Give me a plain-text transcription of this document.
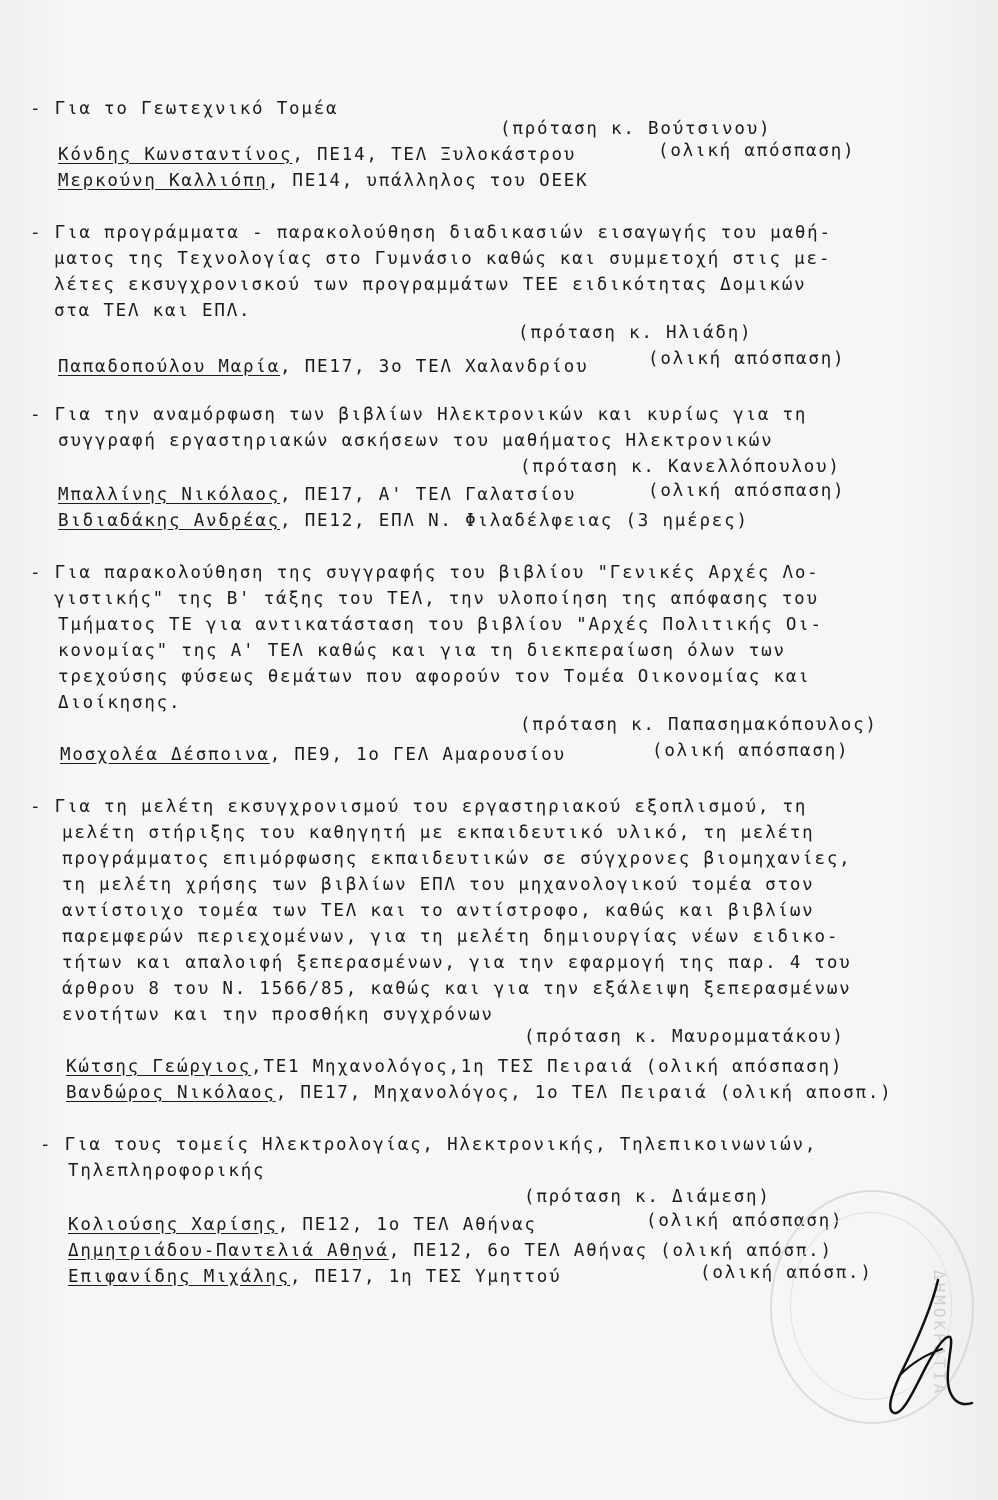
- Για το Γεωτεχνικό Τομέα
(πρόταση κ. Βούτσινου)
Κόνδης Κωνσταντίνος, ΠΕ14, ΤΕΛ Ξυλοκάστρου	(ολική απόσπαση)
Μερκούνη Καλλιόπη, ΠΕ14, υπάλληλος του ΟΕΕΚ
- Για προγράμματα - παρακολούθηση διαδικασιών εισαγωγής του μαθή-
ματος της Τεχνολογίας στο Γυμνάσιο καθώς και συμμετοχή στις με-
λέτες εκσυγχρονισκού των προγραμμάτων ΤΕΕ ειδικότητας Δομικών
στα ΤΕΛ και ΕΠΛ.
(πρόταση κ. Ηλιάδη)
Παπαδοπούλου Μαρία, ΠΕ17, 3ο ΤΕΛ Χαλανδρίου	(ολική απόσπαση)
- Για την αναμόρφωση των βιβλίων Ηλεκτρονικών και κυρίως για τη
συγγραφή εργαστηριακών ασκήσεων του μαθήματος Ηλεκτρονικών
(πρόταση κ. Κανελλόπουλου)
Μπαλλίνης Νικόλαος, ΠΕ17, Α' ΤΕΛ Γαλατσίου	(ολική απόσπαση)
Βιδιαδάκης Ανδρέας, ΠΕ12, ΕΠΛ Ν. Φιλαδέλφειας (3 ημέρες)
- Για παρακολούθηση της συγγραφής του βιβλίου "Γενικές Αρχές Λο-
γιστικής" της Β' τάξης του ΤΕΛ, την υλοποίηση της απόφασης του
Τμήματος ΤΕ για αντικατάσταση του βιβλίου "Αρχές Πολιτικής Οι-
κονομίας" της Α' ΤΕΛ καθώς και για τη διεκπεραίωση όλων των
τρεχούσης φύσεως θεμάτων που αφορούν τον Τομέα Οικονομίας και
Διοίκησης.
(πρόταση κ. Παπασημακόπουλος)
Μοσχολέα Δέσποινα, ΠΕ9, 1ο ΓΕΛ Αμαρουσίου	(ολική απόσπαση)
- Για τη μελέτη εκσυγχρονισμού του εργαστηριακού εξοπλισμού, τη
μελέτη στήριξης του καθηγητή με εκπαιδευτικό υλικό, τη μελέτη
προγράμματος επιμόρφωσης εκπαιδευτικών σε σύγχρονες βιομηχανίες,
τη μελέτη χρήσης των βιβλίων ΕΠΛ του μηχανολογικού τομέα στον
αντίστοιχο τομέα των ΤΕΛ και το αντίστροφο, καθώς και βιβλίων
παρεμφερών περιεχομένων, για τη μελέτη δημιουργίας νέων ειδικο-
τήτων και απαλοιφή ξεπερασμένων, για την εφαρμογή της παρ. 4 του
άρθρου 8 του Ν. 1566/85, καθώς και για την εξάλειψη ξεπερασμένων
ενοτήτων και την προσθήκη συγχρόνων
(πρόταση κ. Μαυρομματάκου)
Κώτσης Γεώργιος,ΤΕ1 Μηχανολόγος,1η ΤΕΣ Πειραιά (ολική απόσπαση)
Βανδώρος Νικόλαος, ΠΕ17, Μηχανολόγος, 1ο ΤΕΛ Πειραιά (ολική αποσπ.)
- Για τους τομείς Ηλεκτρολογίας, Ηλεκτρονικής, Τηλεπικοινωνιών,
Τηλεπληροφορικής
(πρόταση κ. Διάμεση)
Κολιούσης Χαρίσης, ΠΕ12, 1ο ΤΕΛ Αθήνας	(ολική απόσπαση)
Δημητριάδου-Παντελιά Αθηνά, ΠΕ12, 6ο ΤΕΛ Αθήνας (ολική απόσπ.)
Επιφανίδης Μιχάλης, ΠΕ17, 1η ΤΕΣ Υμηττού	(ολική απόσπ.)	ΔΗΜΟΚΡΑΤΙΑ
